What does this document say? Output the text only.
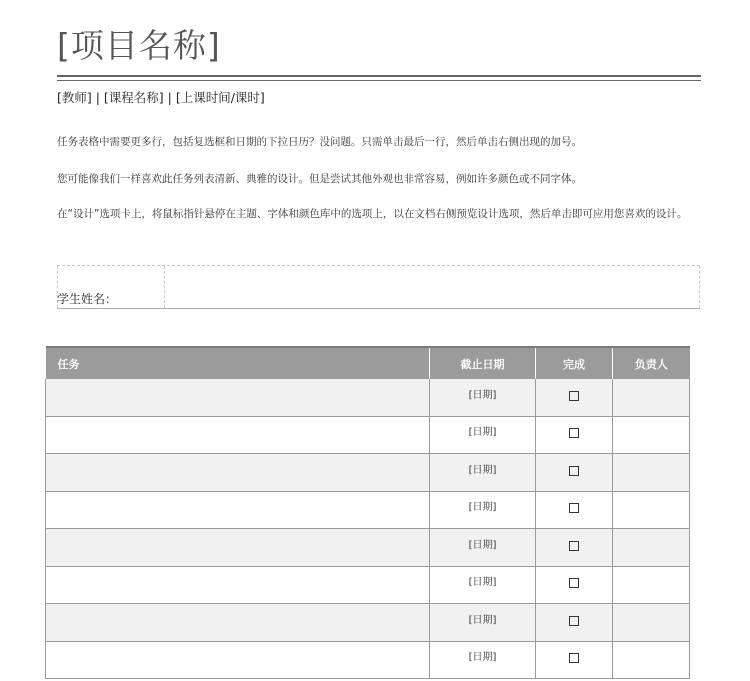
[项目名称]
[教师] | [课程名称] | [上课时间/课时]
任务表格中需要更多行，包括复选框和日期的下拉日历？没问题。只需单击最后一行，然后单击右侧出现的加号。
您可能像我们一样喜欢此任务列表清新、典雅的设计。但是尝试其他外观也非常容易，例如许多颜色或不同字体。
在“设计”选项卡上，将鼠标指针悬停在主题、字体和颜色库中的选项上，以在文档右侧预览设计选项，然后单击即可应用您喜欢的设计。
学生姓名：
任务	截止日期	完成	负责人
	[日期]		
	[日期]		
	[日期]		
	[日期]		
	[日期]		
	[日期]		
	[日期]		
	[日期]		
